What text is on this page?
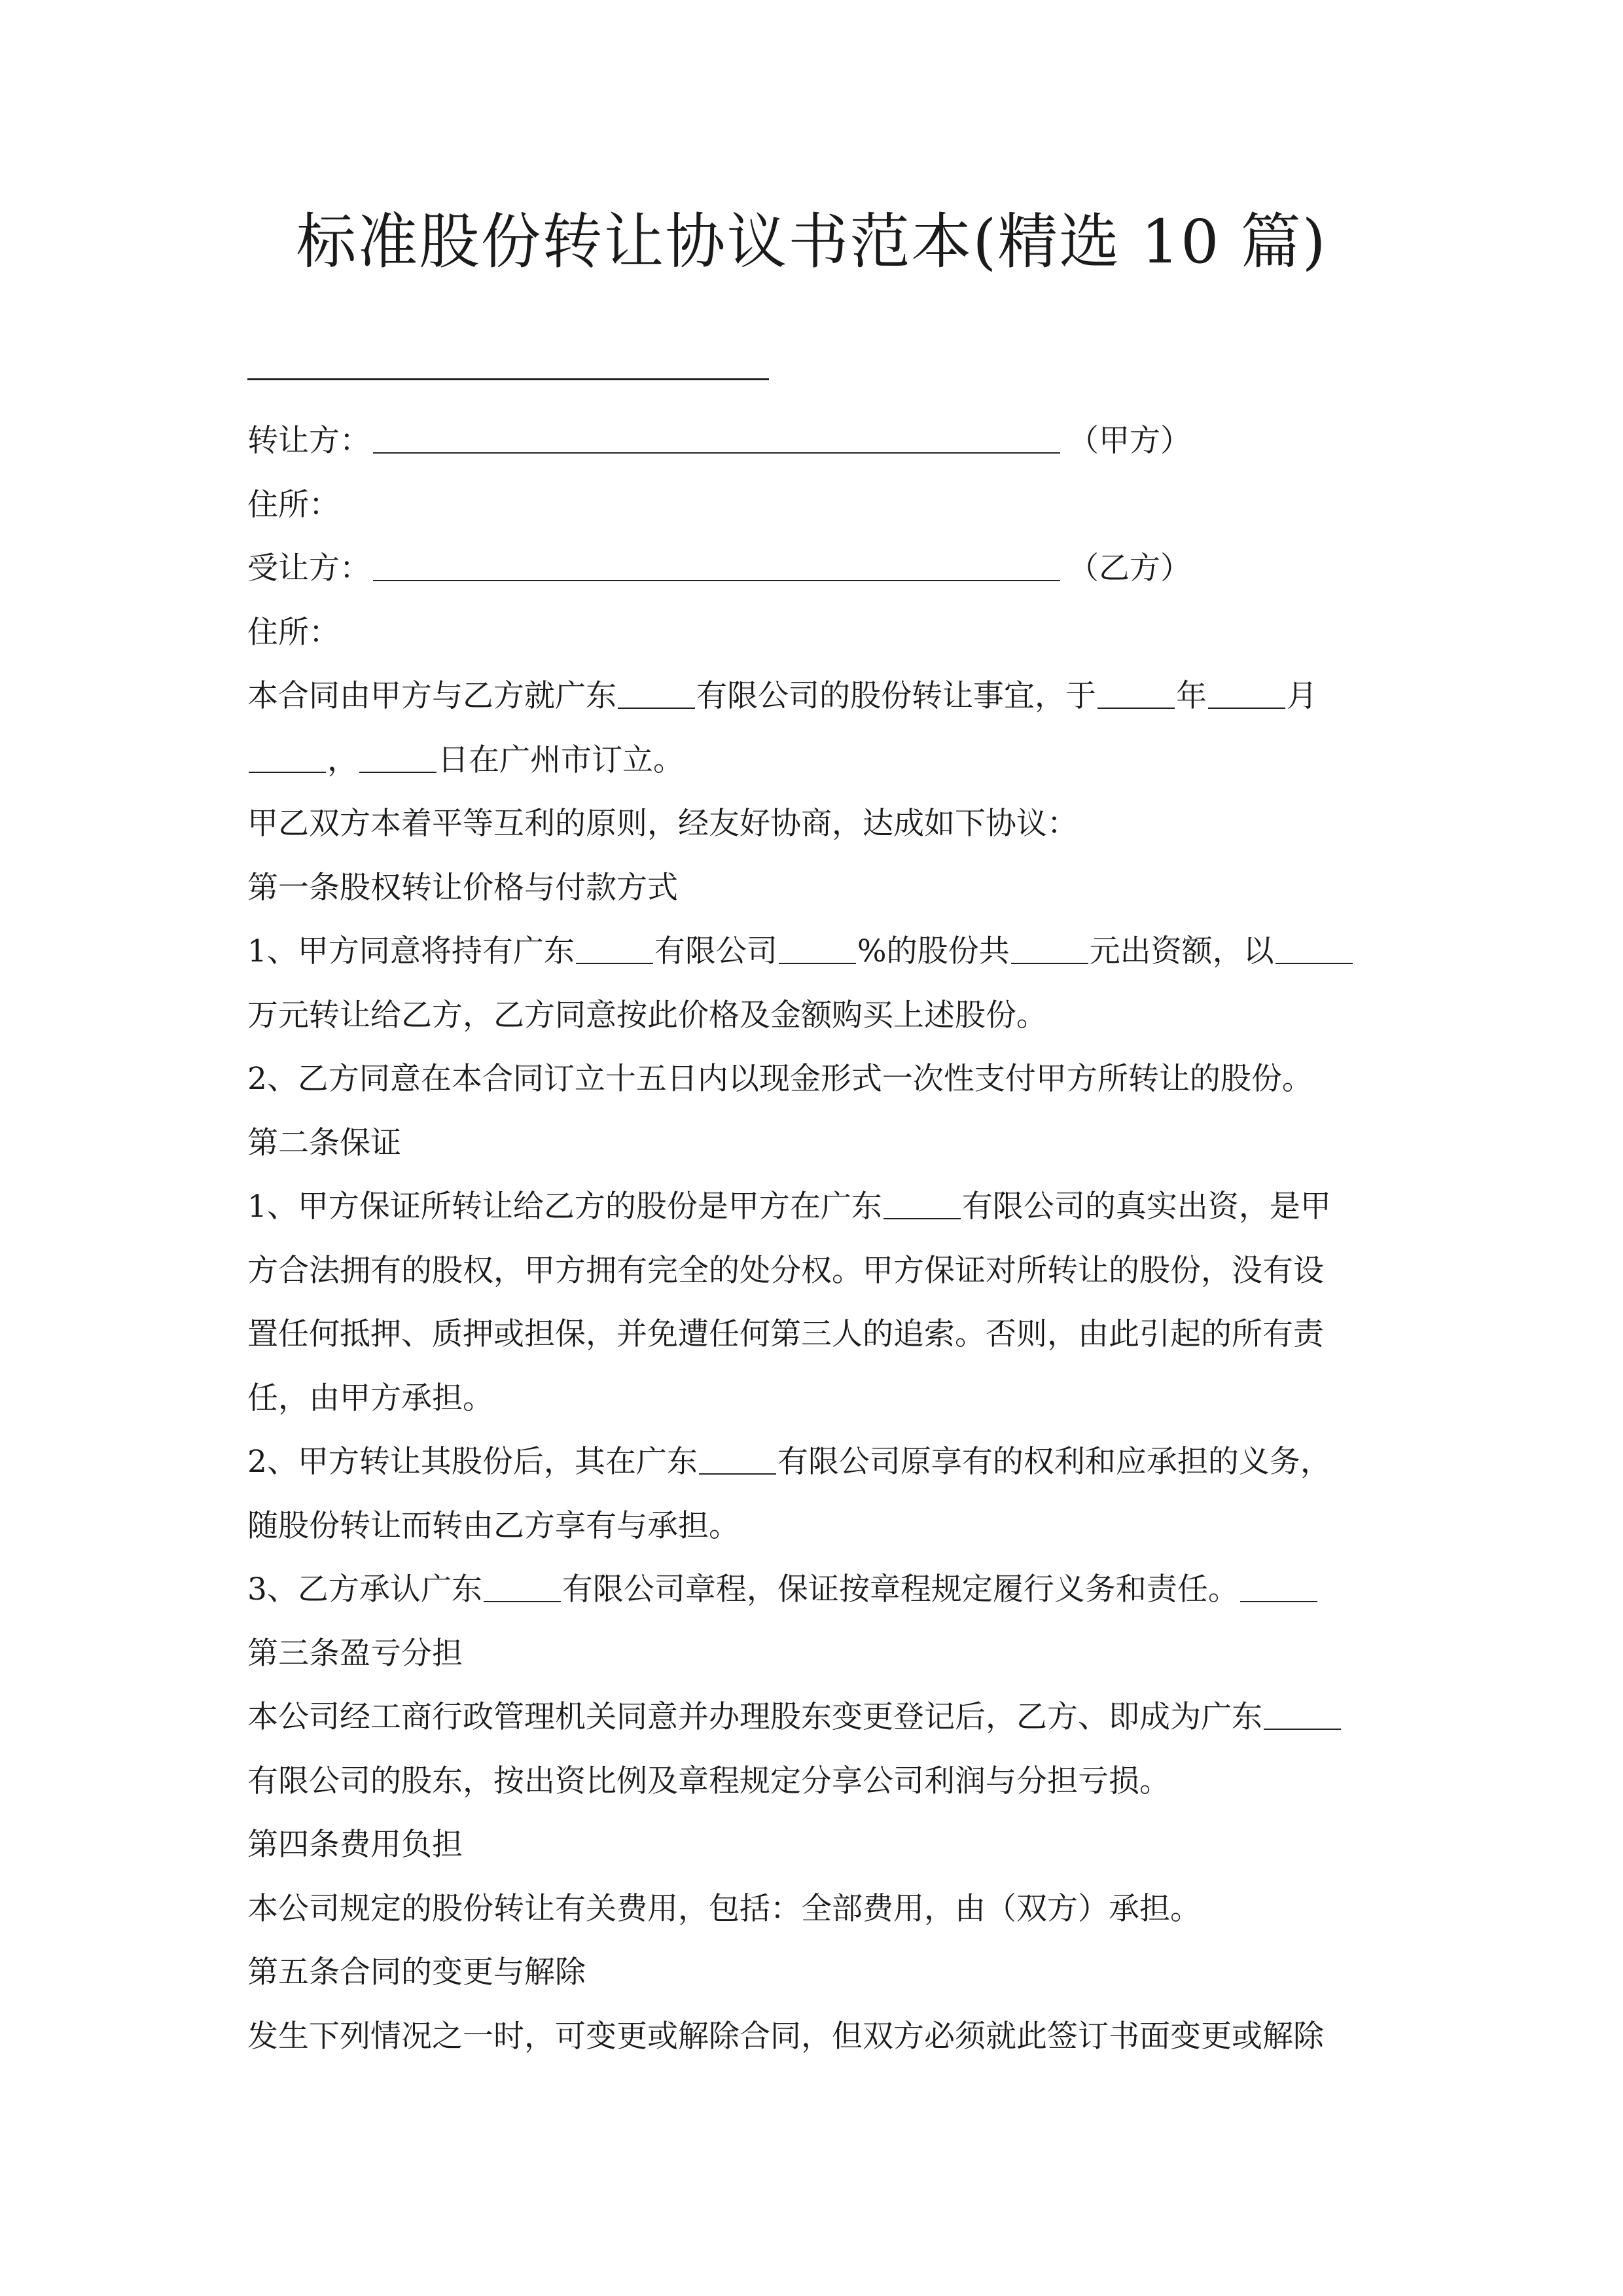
标准股份转让协议书范本(精选 10 篇)
转让方：	（甲方）
住所：
受让方：	（乙方）
住所：
本合同由甲方与乙方就广东	有限公司的股份转让事宜，于	年	月
，	日在广州市订立。
甲乙双方本着平等互利的原则，经友好协商，达成如下协议：
第一条股权转让价格与付款方式
1、甲方同意将持有广东	有限公司	%的股份共	元出资额，以
万元转让给乙方，乙方同意按此价格及金额购买上述股份。
2、乙方同意在本合同订立十五日内以现金形式一次性支付甲方所转让的股份。
第二条保证
1、甲方保证所转让给乙方的股份是甲方在广东	有限公司的真实出资，是甲
方合法拥有的股权，甲方拥有完全的处分权。甲方保证对所转让的股份，没有设
置任何抵押、质押或担保，并免遭任何第三人的追索。否则，由此引起的所有责
任，由甲方承担。
2、甲方转让其股份后，其在广东	有限公司原享有的权利和应承担的义务，
随股份转让而转由乙方享有与承担。
3、乙方承认广东	有限公司章程，保证按章程规定履行义务和责任。
第三条盈亏分担
本公司经工商行政管理机关同意并办理股东变更登记后，乙方、即成为广东
有限公司的股东，按出资比例及章程规定分享公司利润与分担亏损。
第四条费用负担
本公司规定的股份转让有关费用，包括：全部费用，由（双方）承担。
第五条合同的变更与解除
发生下列情况之一时，可变更或解除合同，但双方必须就此签订书面变更或解除
